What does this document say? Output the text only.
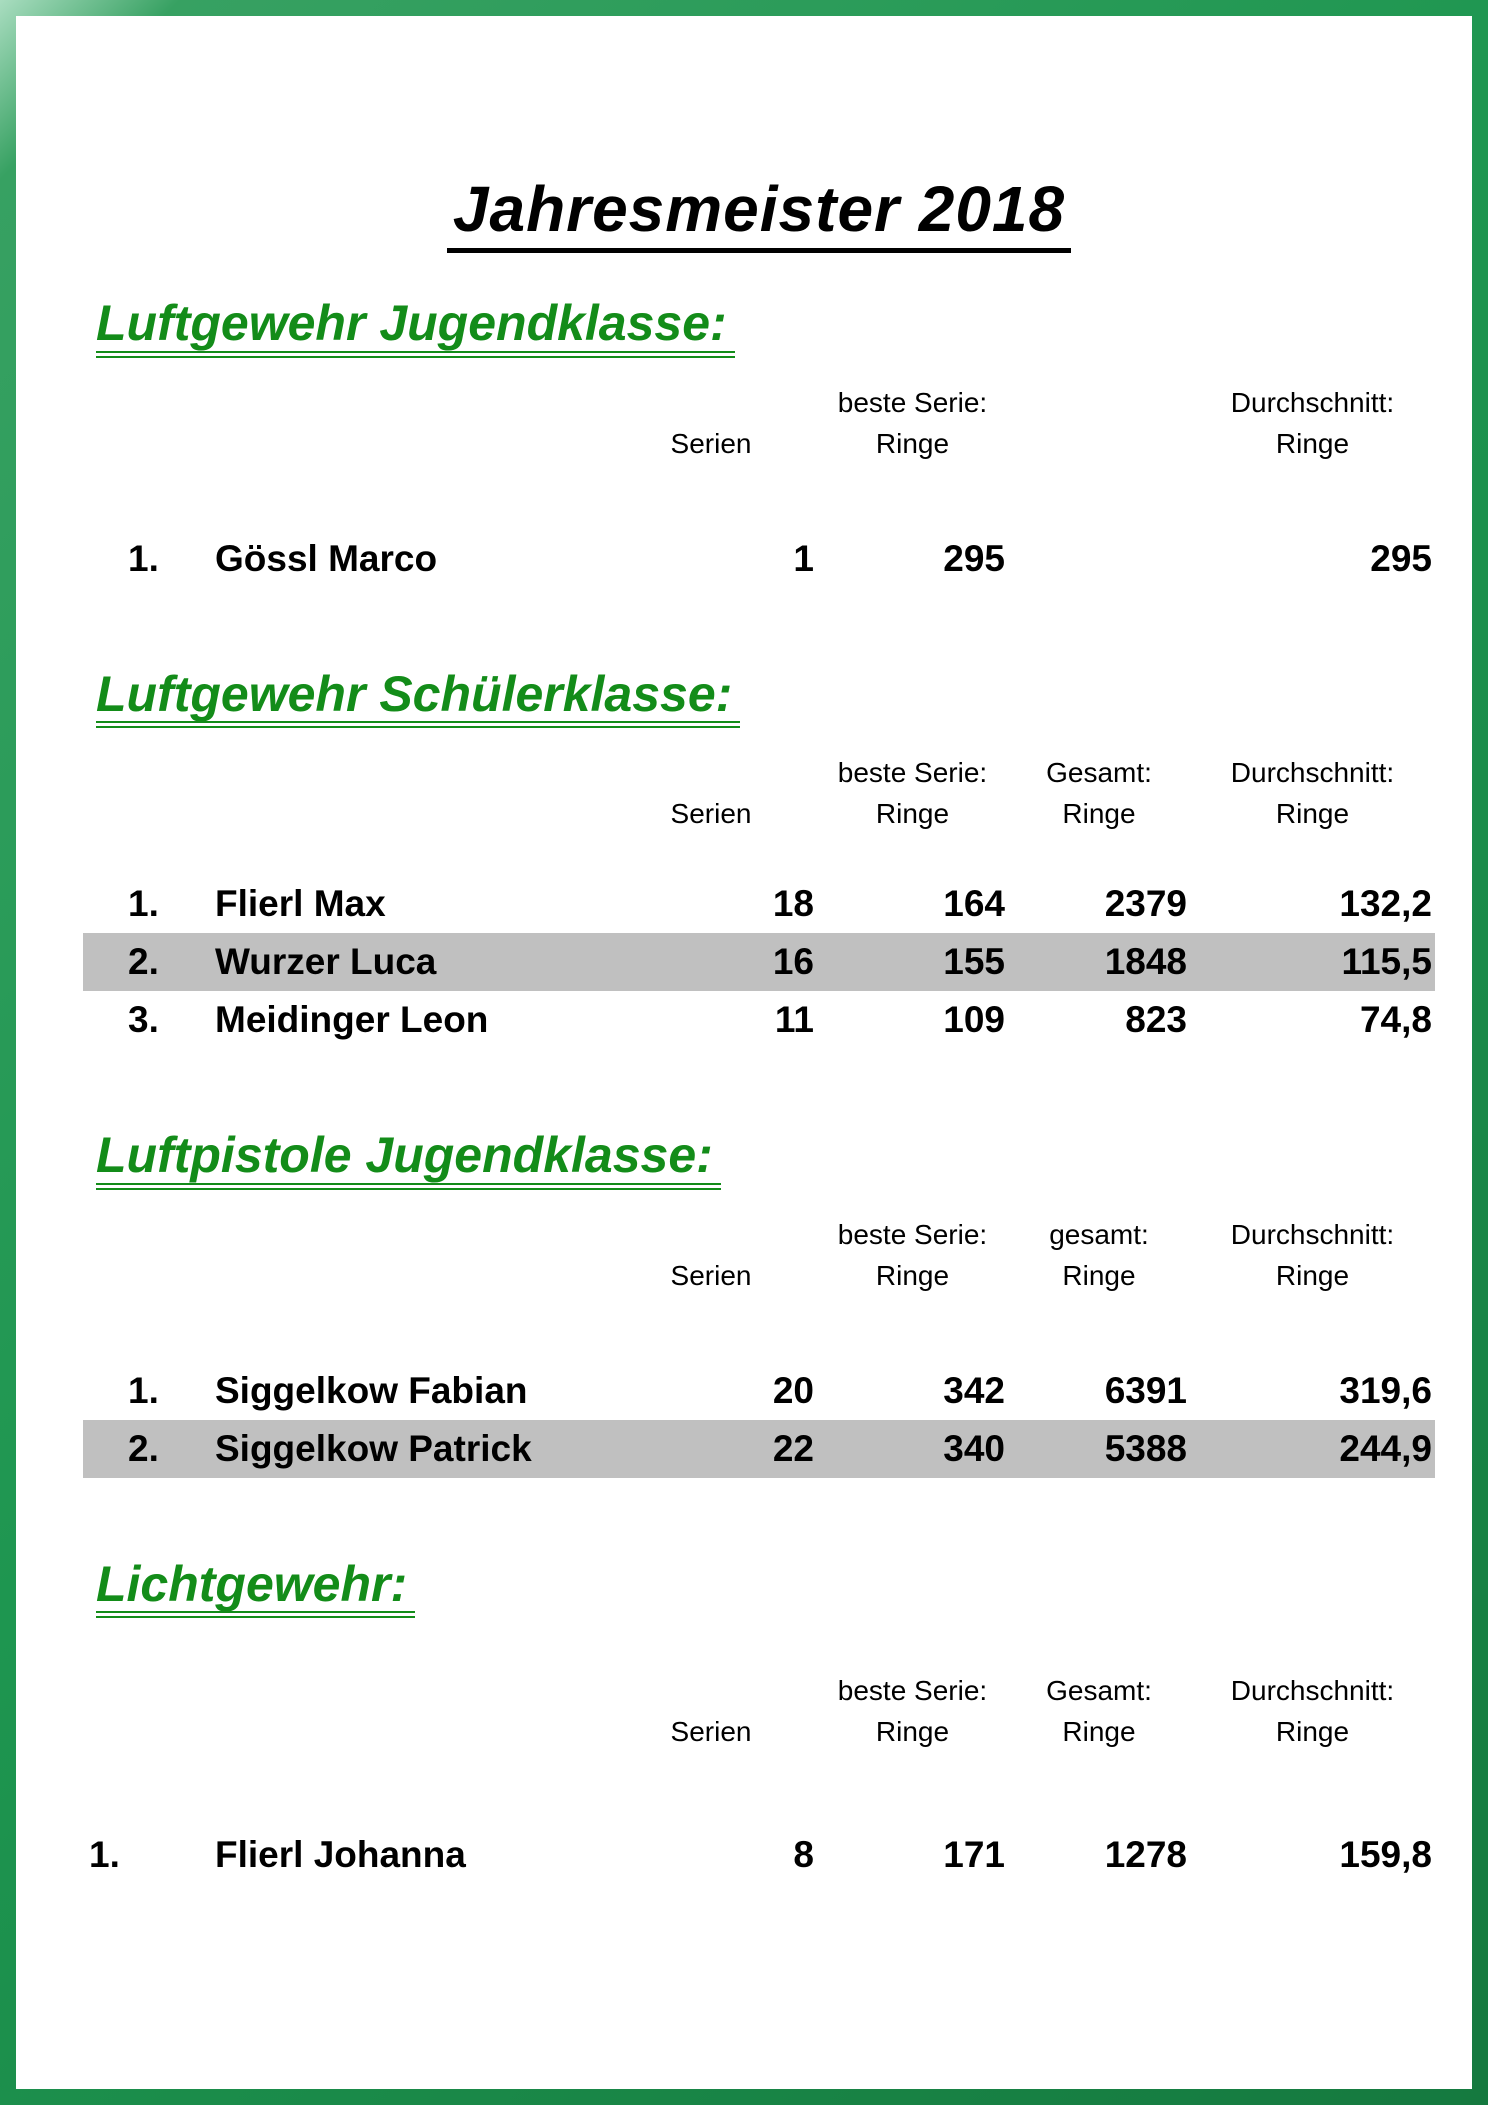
Jahresmeister 2018
Luftgewehr Jugendklasse:
			beste Serie:		Durchschnitt:
		Serien	Ringe		Ringe

1.	Gössl Marco	1	295		295
Luftgewehr Schülerklasse:
			beste Serie:	Gesamt:	Durchschnitt:
		Serien	Ringe	Ringe	Ringe

1.	Flierl Max	18	164	2379	132,2
2.	Wurzer Luca	16	155	1848	115,5
3.	Meidinger Leon	11	109	823	74,8
Luftpistole Jugendklasse:
			beste Serie:	gesamt:	Durchschnitt:
		Serien	Ringe	Ringe	Ringe

1.	Siggelkow Fabian	20	342	6391	319,6
2.	Siggelkow Patrick	22	340	5388	244,9
Lichtgewehr:
			beste Serie:	Gesamt:	Durchschnitt:
		Serien	Ringe	Ringe	Ringe

1.	Flierl Johanna	8	171	1278	159,8
